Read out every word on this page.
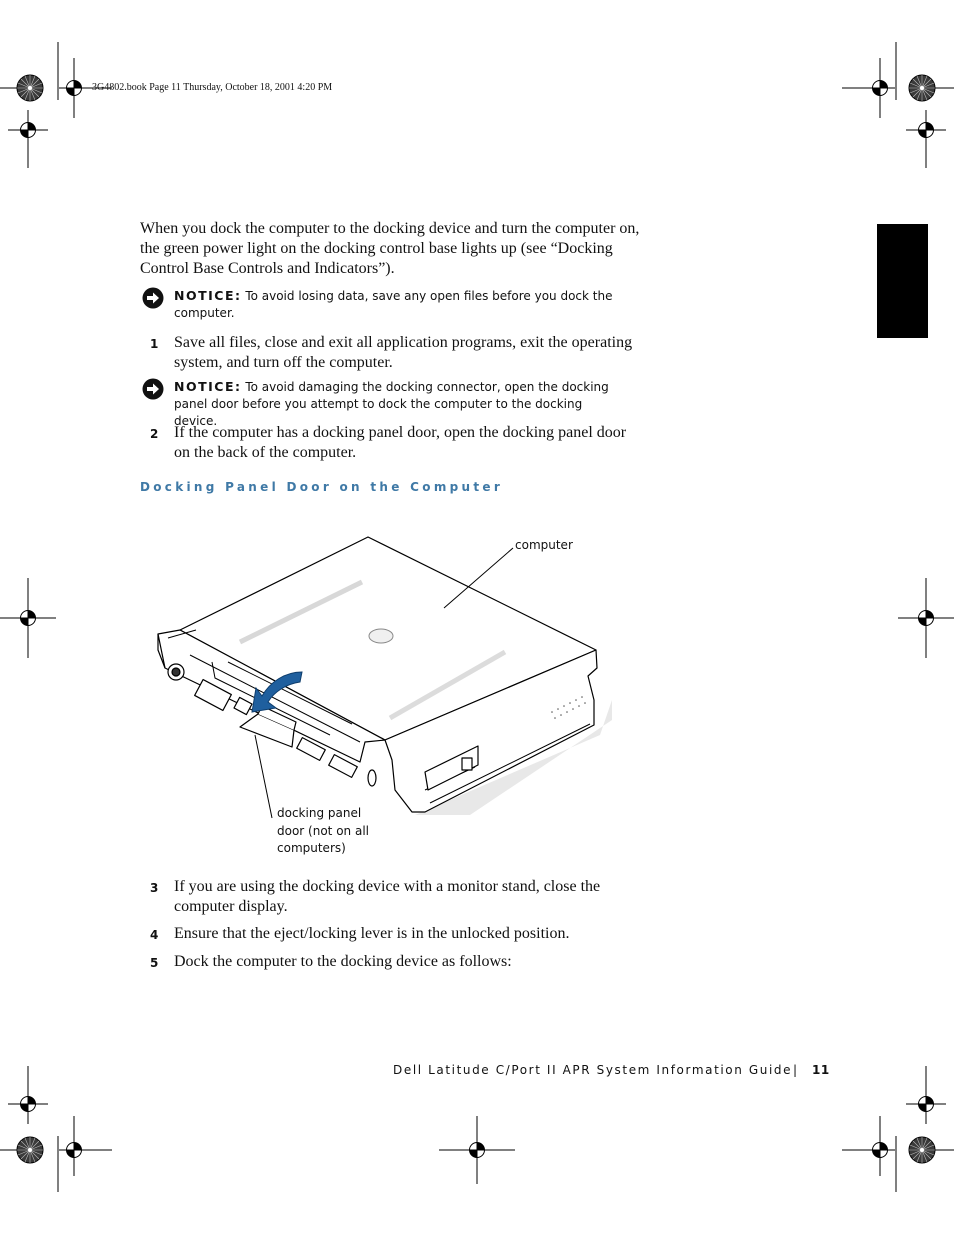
3G4802.book Page 11 Thursday, October 18, 2001 4:20 PM
When you dock the computer to the docking device and turn the computer on, the green power light on the docking control base lights up (see “Docking Control Base Controls and Indicators”).
NOTICE: To avoid losing data, save any open files before you dock the computer.
1 Save all files, close and exit all application programs, exit the operating system, and turn off the computer.
NOTICE: To avoid damaging the docking connector, open the docking panel door before you attempt to dock the computer to the docking device.
2 If the computer has a docking panel door, open the docking panel door on the back of the computer.
Docking Panel Door on the Computer
computer
docking panel
door (not on all
computers)
3 If you are using the docking device with a monitor stand, close the computer display.
4 Ensure that the eject/locking lever is in the unlocked position.
5 Dock the computer to the docking device as follows:
Dell Latitude C/Port II APR System Information Guide | 11
